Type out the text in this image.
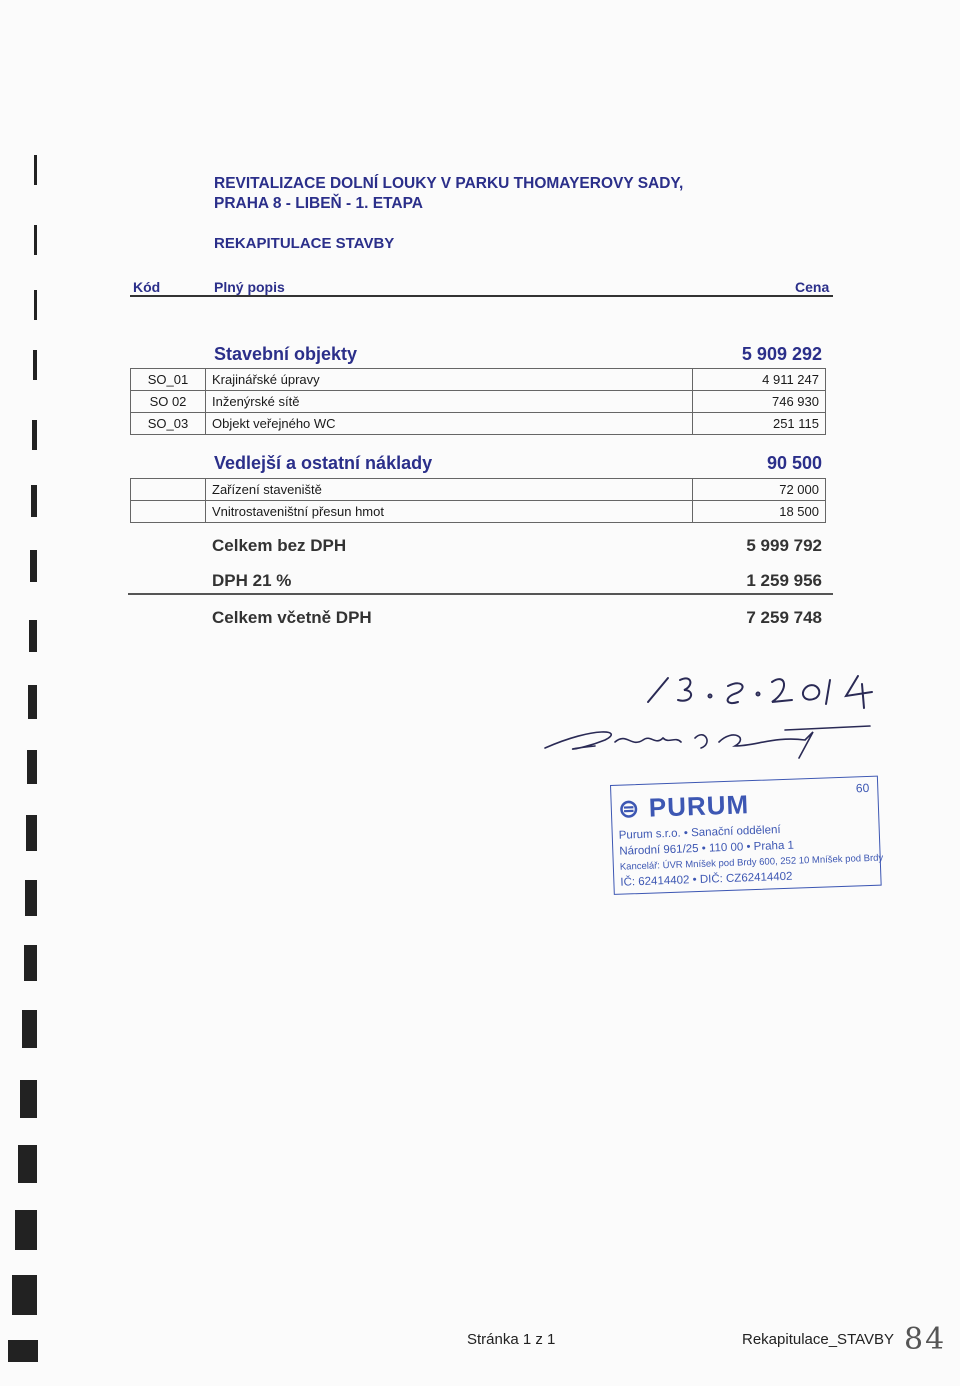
REVITALIZACE DOLNÍ LOUKY V PARKU THOMAYEROVY SADY,
PRAHA 8 - LIBEŇ - 1. ETAPA
REKAPITULACE STAVBY
Kód	Plný popis	Cena
Stavební objekty	5 909 292
SO_01	Krajinářské úpravy	4 911 247
SO 02	Inženýrské sítě	746 930
SO_03	Objekt veřejného WC	251 115
Vedlejší a ostatní náklady	90 500
	Zařízení staveniště	72 000
	Vnitrostaveništní přesun hmot	18 500
Celkem bez DPH	5 999 792
DPH 21 %	1 259 956
Celkem včetně DPH	7 259 748
⊜ PURUM
60
Purum s.r.o. • Sanační oddělení
Národní 961/25 • 110 00 • Praha 1
Kancelář: ÚVR Mníšek pod Brdy 600, 252 10 Mníšek pod Brdy
IČ: 62414402 • DIČ: CZ62414402
Stránka 1 z 1	Rekapitulace_STAVBY 84
